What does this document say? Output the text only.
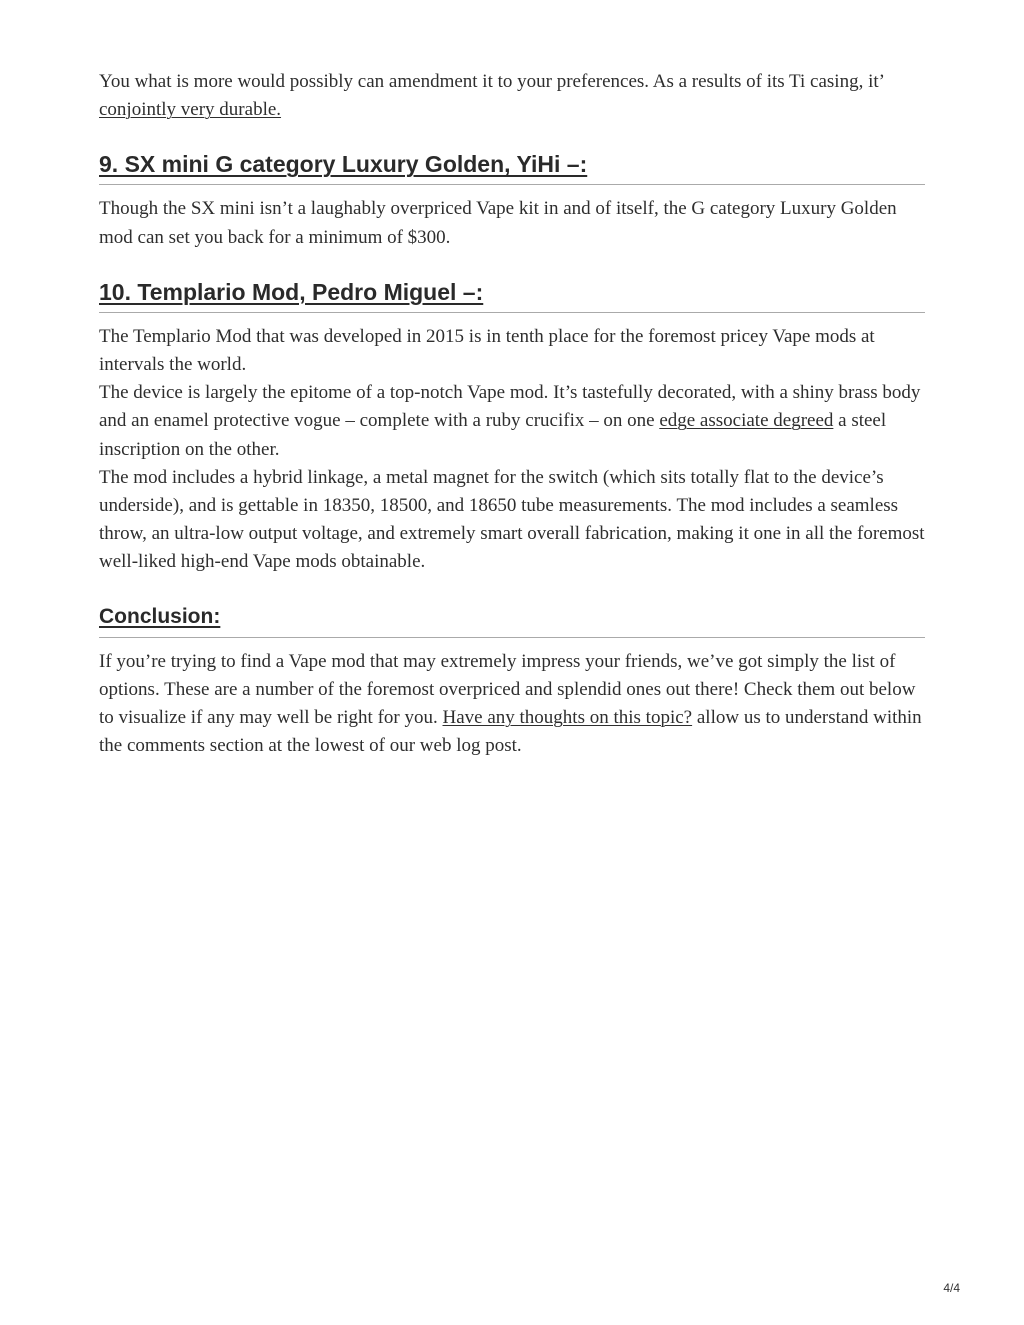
You what is more would possibly can amendment it to your preferences. As a results of its Ti casing, it’ conjointly very durable.

9. SX mini G category Luxury Golden, YiHi –:

Though the SX mini isn’t a laughably overpriced Vape kit in and of itself, the G category Luxury Golden mod can set you back for a minimum of $300.

10. Templario Mod, Pedro Miguel –:

The Templario Mod that was developed in 2015 is in tenth place for the foremost pricey Vape mods at intervals the world.

The device is largely the epitome of a top-notch Vape mod. It’s tastefully decorated, with a shiny brass body and an enamel protective vogue – complete with a ruby crucifix – on one edge associate degreed a steel inscription on the other.

The mod includes a hybrid linkage, a metal magnet for the switch (which sits totally flat to the device’s underside), and is gettable in 18350, 18500, and 18650 tube measurements. The mod includes a seamless throw, an ultra-low output voltage, and extremely smart overall fabrication, making it one in all the foremost well-liked high-end Vape mods obtainable.

Conclusion:

If you’re trying to find a Vape mod that may extremely impress your friends, we’ve got simply the list of options. These are a number of the foremost overpriced and splendid ones out there! Check them out below to visualize if any may well be right for you. Have any thoughts on this topic? allow us to understand within the comments section at the lowest of our web log post.

4/4
